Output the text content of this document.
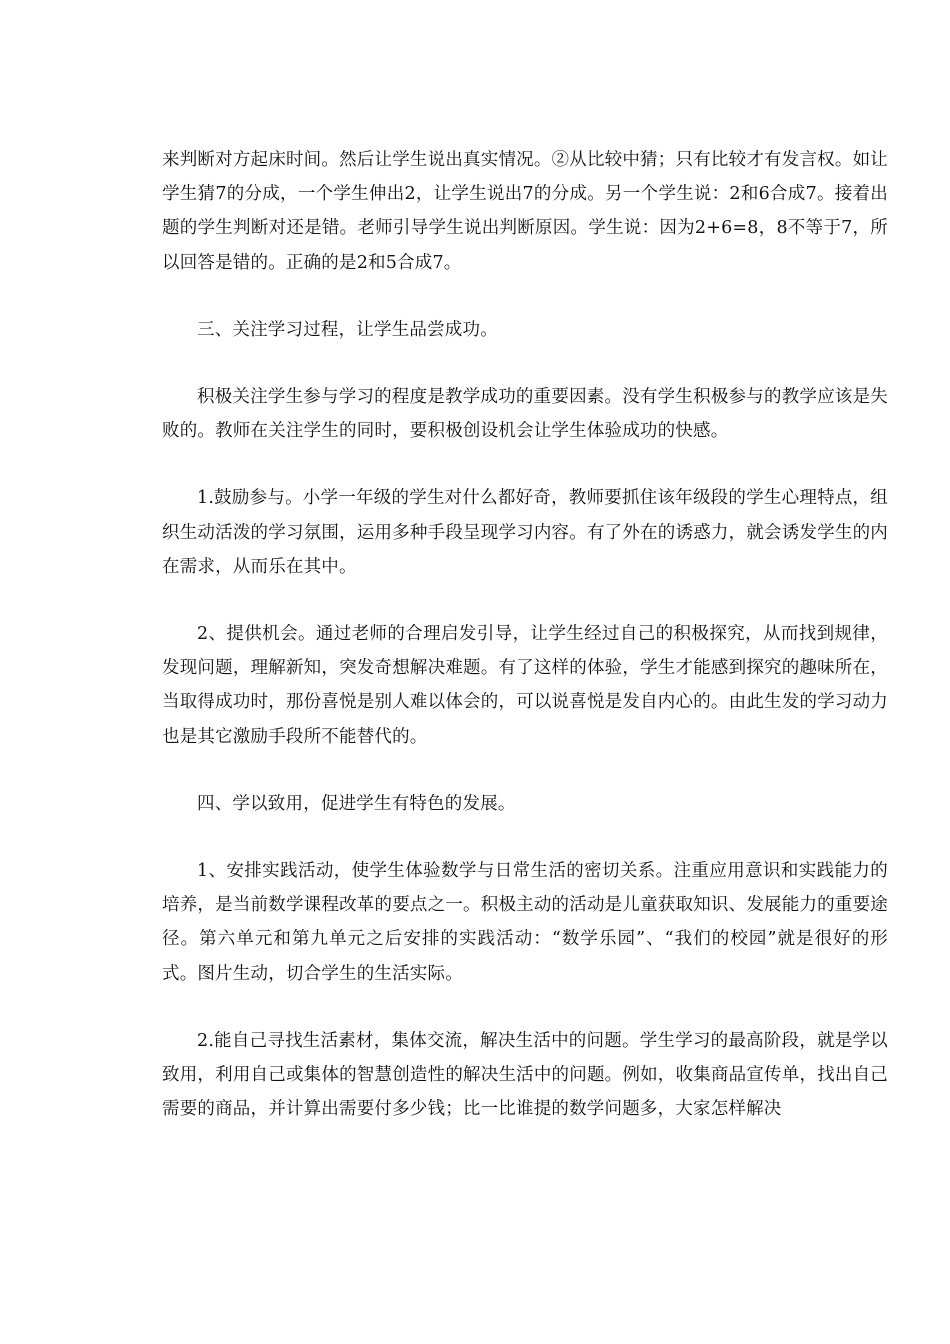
来判断对方起床时间。然后让学生说出真实情况。②从比较中猜；只有比较才有发言权。如让学生猜7的分成，一个学生伸出2，让学生说出7的分成。另一个学生说：2和6合成7。接着出题的学生判断对还是错。老师引导学生说出判断原因。学生说：因为2+6=8，8不等于7，所以回答是错的。正确的是2和5合成7。

三、关注学习过程，让学生品尝成功。

积极关注学生参与学习的程度是教学成功的重要因素。没有学生积极参与的教学应该是失败的。教师在关注学生的同时，要积极创设机会让学生体验成功的快感。

1.鼓励参与。小学一年级的学生对什么都好奇，教师要抓住该年级段的学生心理特点，组织生动活泼的学习氛围，运用多种手段呈现学习内容。有了外在的诱惑力，就会诱发学生的内在需求，从而乐在其中。

2、提供机会。通过老师的合理启发引导，让学生经过自己的积极探究，从而找到规律，发现问题，理解新知，突发奇想解决难题。有了这样的体验，学生才能感到探究的趣味所在，当取得成功时，那份喜悦是别人难以体会的，可以说喜悦是发自内心的。由此生发的学习动力也是其它激励手段所不能替代的。

四、学以致用，促进学生有特色的发展。

1、安排实践活动，使学生体验数学与日常生活的密切关系。注重应用意识和实践能力的培养，是当前数学课程改革的要点之一。积极主动的活动是儿童获取知识、发展能力的重要途径。第六单元和第九单元之后安排的实践活动：“数学乐园”、“我们的校园”就是很好的形式。图片生动，切合学生的生活实际。

2.能自己寻找生活素材，集体交流，解决生活中的问题。学生学习的最高阶段，就是学以致用，利用自己或集体的智慧创造性的解决生活中的问题。例如，收集商品宣传单，找出自己需要的商品，并计算出需要付多少钱；比一比谁提的数学问题多，大家怎样解决
